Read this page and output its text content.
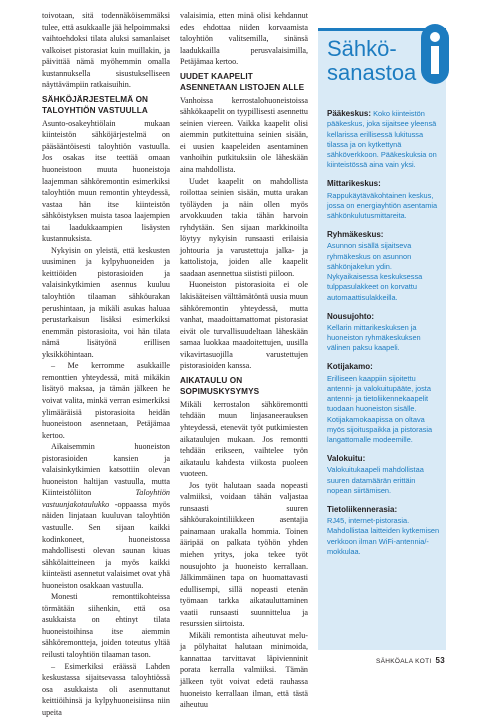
toivotaan, sitä todennäköisemmäksi tulee, että asukkaalle jää helpoimmaksi vaihtoehdoksi tilata aluksi samanlaiset valkoiset pistorasiat kuin muillakin, ja päivittää nämä myöhemmin omalla kustannuksella sisustukselliseen näyttävämpiin ratkaisuihin.

SÄHKÖJÄRJESTELMÄ ON TALOYHTIÖN VASTUULLA

Asunto-osakeyhtiölain mukaan kiinteistön sähköjärjestelmä on pääsääntöisesti taloyhtiön vastuulla. Jos osakas itse teettää omaan huoneistoon muuta huoneistoja laajemman sähköremontin esimerkiksi taloyhtiön muun remontin yhteydessä, vastaa hän itse kiinteistön sähköistyksen muista tasoa laajempien tai laadukkaampien lisäysten kustannuksista.

Nykyisin on yleistä, että keskusten uusiminen ja kylpyhuoneiden ja keittiöiden pistorasioiden ja valaisinkytkimien asennus kuuluu taloyhtiön tilaaman sähköurakan perushintaan, ja mikäli asukas haluaa perustarkaisun lisäksi esimerkiksi enemmän pistorasioita, voi hän tilata nämä lisätyönä erillisen yksikköhintaan.

– Me kerromme asukkaille remonttien yhteydessä, mitä mikäkin lisätyö maksaa, ja tämän jälkeen he voivat valita, minkä verran esimerkiksi ylimääräisiä pistorasioita heidän huoneistoon asennetaan, Petäjämaa kertoo.

Aikaisemmin huoneiston pistorasioiden kansien ja valaisinkytkimien katsottiin olevan huoneiston haltijan vastuulla, mutta Kiinteistöliiton Taloyhtiön vastuunjakotaulukko -oppaassa myös näiden linjataan kuuluvan taloyhtiön vastuulle. Sen sijaan kaikki kodinkoneet, huoneistossa mahdollisesti olevan saunan kiuas sähkölaitteineen ja myös kaikki kiinteästi asennetut valaisimet ovat yhä huoneiston osakkaan vastuulla.

Monesti remonttikohteissa törmätään siihenkin, että osa asukkaista on ehtinyt tilata huoneistoihinsa itse aiemmin sähköremontteja, joiden toteutus yltää reilusti taloyhtiön tilaaman tason.

– Esimerkiksi eräässä Lahden keskustassa sijaitsevassa taloyhtiössä osa asukkaista oli asennuttanut keittiöihinsä ja kylpyhuoneisiinsa niin upeita

valaisimia, etten minä olisi kehdannut edes ehdottaa niiden korvaamista taloyhtiön valitsemilla, sinänsä laadukkailla perusvalaisimilla, Petäjämaa kertoo.

UUDET KAAPELIT ASENNETAAN LISTOJEN ALLE

Vanhoissa kerrostalohuoneistoissa sähkökaapelit on tyypillisesti asennettu seinien viereen. Vaikka kaapelit olisi aiemmin putkitettuina seinien sisään, ei uusien kaapeleiden asentaminen vanhoihin putkituksiin ole läheskään aina mahdollista.

Uudet kaapelit on mahdollista roilottaa seinien sisään, mutta urakan työläyden ja näin ollen myös arvokkuuden takia tähän harvoin ryhdytään. Sen sijaan markkinoilta löytyy nykyisin runsaasti erilaisia johtouria ja varustettuja jalka- ja kattolistoja, joiden alle kaapelit saadaan asennettua siististi piiloon.

Huoneiston pistorasioita ei ole lakisääteisen välttämätöntä uusia muun sähköremontin yhteydessä, mutta vanhat, maadoittamattomat pistorasiat eivät ole turvallisuudeltaan läheskään samaa luokkaa maadoitettujen, uusilla vikavirtasuojilla varustettujen pistorasioiden kanssa.

AIKATAULU ON SOPIMUSKYSYMYS

Mikäli kerrostalon sähköremontti tehdään muun linjasaneerauksen yhteydessä, etenevät työt putkimiesten aikataulujen mukaan. Jos remontti tehdään erikseen, vaihtelee työn aikataulu kahdesta viikosta puoleen vuoteen.

Jos työt halutaan saada nopeasti valmiiksi, voidaan tähän valjastaa runsaasti suuren sähköurakointiliikkeen asentajia painamaan urakalla hommia. Toinen ääripää on palkata työhön yhden miehen yritys, joka tekee työt nousujohto ja huoneisto kerrallaan. Jälkimmäinen tapa on huomattavasti edullisempi, sillä nopeasti etenän työmaan tarkka aikatauluttaminen vaatii runsaasti suunnittelua ja resurssien siirtoista.

Mikäli remontista aiheutuvat melu- ja pölyhaitat halutaan minimoida, kannattaa tarvittavat läpivienninit porata kerralla valmiiksi. Tämän jälkeen työt voivat edetä rauhassa huoneisto kerrallaan ilman, että tästä aiheutuu

Sähkö-
sanastoa
Pääkeskus: Koko kiinteistön pääkeskus, joka sijaitsee yleensä kellarissa erillisessä lukitussa tilassa ja on kytkettynä sähköverkkoon. Pääkeskuksia on kiinteistössä aina vain yksi.
Mittarikeskus:
Rappukäytäväkohtainen keskus, jossa on energiayhtiön asentamia sähkönkulutusmittareita.
Ryhmäkeskus:
Asunnon sisällä sijaitseva ryhmäkeskus on asunnon sähkönjakelun ydin. Nykyaikaisessa keskuksessa tulppasulakkeet on korvattu automaattisulakkeilla.
Nousujohto:
Kellarin mittarikeskuksen ja huoneiston ryhmäkeskuksen välinen paksu kaapeli.
Kotijakamo:
Erilliseen kaappiin sijoitettu antenni- ja valokuitupääte, josta antenni- ja tietoliikennekaapelit tuodaan huoneiston sisälle. Kotijakamokaapissa on oltava myös sijoituspaikka ja pistorasia langattomalle modeemille.
Valokuitu:
Valokuitukaapeli mahdollistaa suuren datamäärän erittäin nopean siirtämisen.
Tietoliikennerasia:
RJ45, internet-pistorasia. Mahdollistaa laitteiden kytkemisen verkkoon ilman WiFi-antenniа/-mokkulaa.
SÄHKÖALA KOTI 53
